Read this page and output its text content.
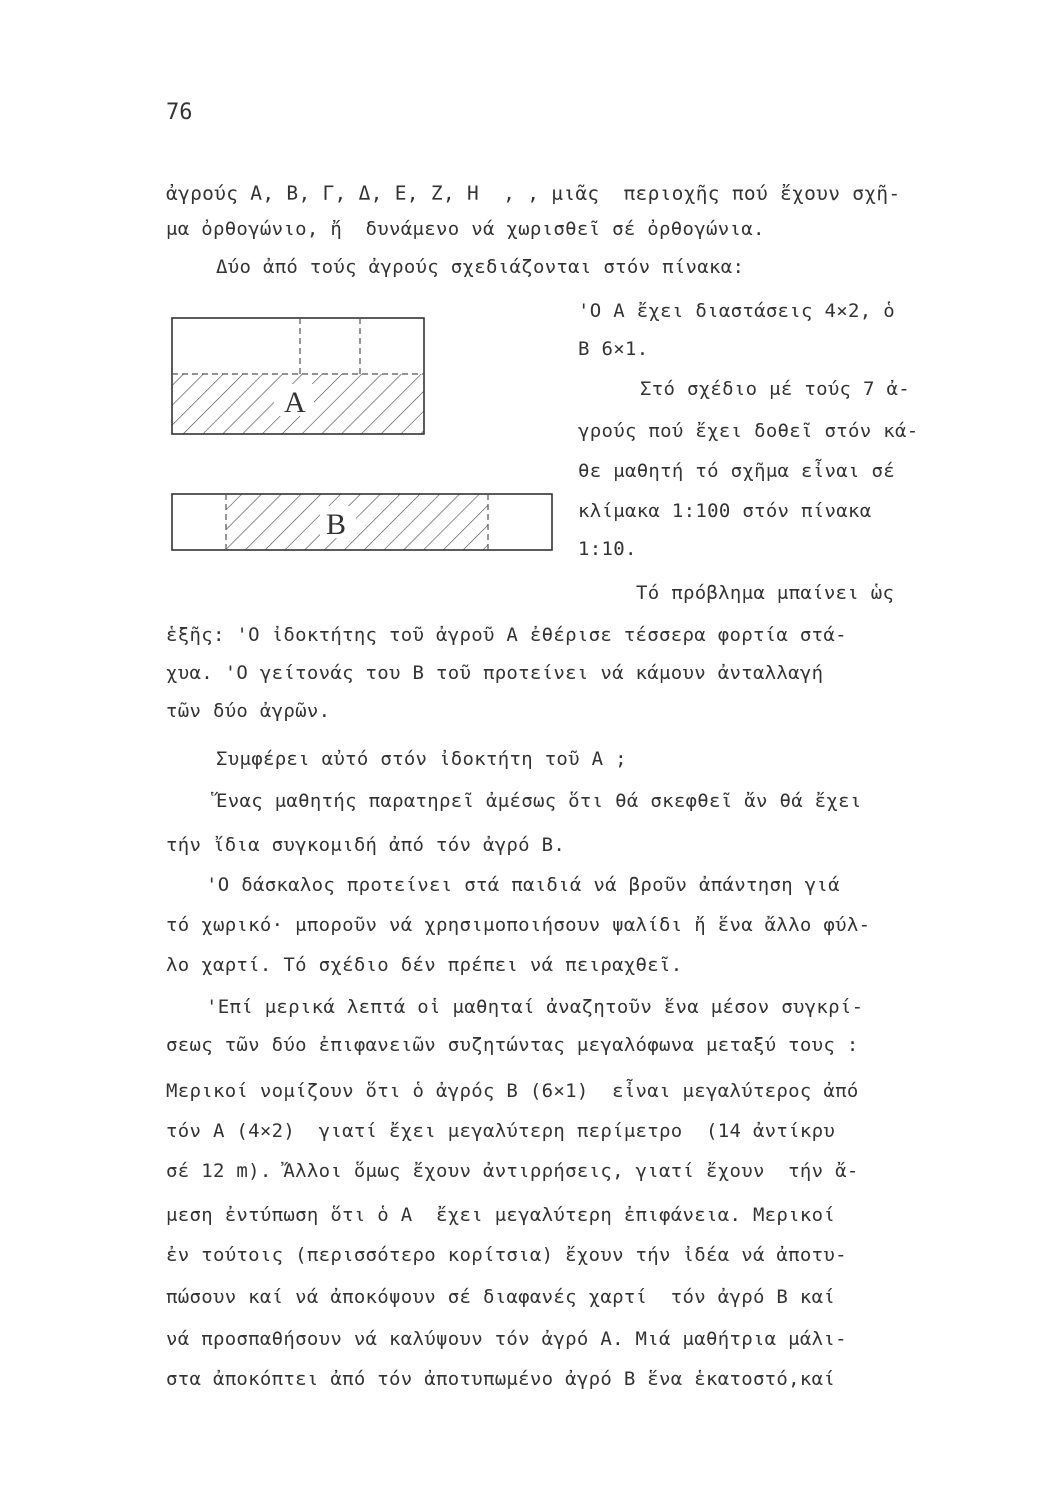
76
ἀγρούς Α, Β, Γ, Δ, Ε, Ζ, Η  , , μιᾶς  περιοχῆς πού ἔχουν σχῆ-
μα ὀρθογώνιο, ἤ  δυνάμενο νά χωρισθεῖ σέ ὀρθογώνια.
Δύο ἀπό τούς ἀγρούς σχεδιάζονται στόν πίνακα:
'Ο Α ἔχει διαστάσεις 4×2, ὁ
Β 6×1.
Στό σχέδιο μέ τούς 7 ἀ-
γρούς πού ἔχει δοθεῖ στόν κά-
θε μαθητή τό σχῆμα εἶναι σέ
κλίμακα 1:100 στόν πίνακα
1:10.
Τό πρόβλημα μπαίνει ὡς
ἑξῆς: 'Ο ἰδοκτήτης τοῦ ἀγροῦ Α ἐθέρισε τέσσερα φορτία στά-
χυα. 'Ο γείτονάς του Β τοῦ προτείνει νά κάμουν ἀνταλλαγή
τῶν δύο ἀγρῶν.
Συμφέρει αὐτό στόν ἰδοκτήτη τοῦ Α ;
Ἕνας μαθητής παρατηρεῖ ἀμέσως ὅτι θά σκεφθεῖ ἄν θά ἔχει
τήν ἴδια συγκομιδή ἀπό τόν ἀγρό Β.
'Ο δάσκαλος προτείνει στά παιδιά νά βροῦν ἀπάντηση γιά
τό χωρικό· μποροῦν νά χρησιμοποιήσουν ψαλίδι ἤ ἕνα ἄλλο φύλ-
λο χαρτί. Τό σχέδιο δέν πρέπει νά πειραχθεῖ.
'Επί μερικά λεπτά οἱ μαθηταί ἀναζητοῦν ἕνα μέσον συγκρί-
σεως τῶν δύο ἐπιφανειῶν συζητώντας μεγαλόφωνα μεταξύ τους :
Μερικοί νομίζουν ὅτι ὁ ἀγρός Β (6×1)  εἶναι μεγαλύτερος ἀπό
τόν Α (4×2)  γιατί ἔχει μεγαλύτερη περίμετρο  (14 ἀντίκρυ
σέ 12 m). Ἄλλοι ὅμως ἔχουν ἀντιρρήσεις, γιατί ἔχουν  τήν ἄ-
μεση ἐντύπωση ὅτι ὁ Α  ἔχει μεγαλύτερη ἐπιφάνεια. Μερικοί
ἐν τούτοις (περισσότερο κορίτσια) ἔχουν τήν ἰδέα νά ἀποτυ-
πώσουν καί νά ἀποκόψουν σέ διαφανές χαρτί  τόν ἀγρό Β καί
νά προσπαθήσουν νά καλύψουν τόν ἀγρό Α. Μιά μαθήτρια μάλι-
στα ἀποκόπτει ἀπό τόν ἀποτυπωμένο ἀγρό Β ἕνα ἑκατοστό,καί
A
B
